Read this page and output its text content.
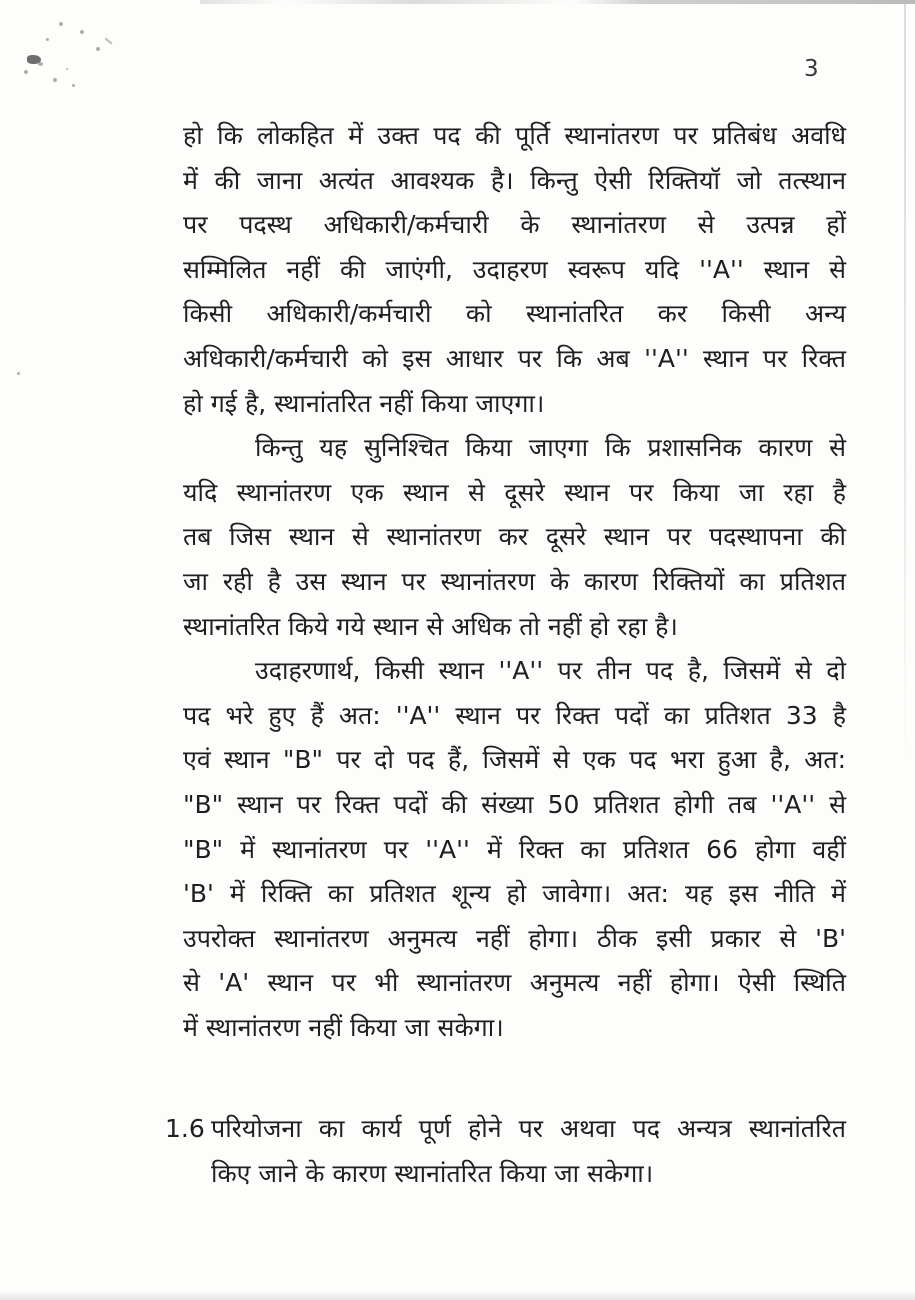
3
हो कि लोकहित में उक्त पद की पूर्ति स्थानांतरण पर प्रतिबंध अवधि
में की जाना अत्यंत आवश्यक है। किन्तु ऐसी रिक्तियॉ जो तत्स्थान
पर पदस्थ अधिकारी/कर्मचारी के स्थानांतरण से उत्पन्न हों
सम्मिलित नहीं की जाएंगी, उदाहरण स्वरूप यदि ''A'' स्थान से
किसी अधिकारी/कर्मचारी को स्थानांतरित कर किसी अन्य
अधिकारी/कर्मचारी को इस आधार पर कि अब ''A'' स्थान पर रिक्त
हो गई है, स्थानांतरित नहीं किया जाएगा।
किन्तु यह सुनिश्चित किया जाएगा कि प्रशासनिक कारण से
यदि स्थानांतरण एक स्थान से दूसरे स्थान पर किया जा रहा है
तब जिस स्थान से स्थानांतरण कर दूसरे स्थान पर पदस्थापना की
जा रही है उस स्थान पर स्थानांतरण के कारण रिक्तियों का प्रतिशत
स्थानांतरित किये गये स्थान से अधिक तो नहीं हो रहा है।
उदाहरणार्थ, किसी स्थान ''A'' पर तीन पद है, जिसमें से दो
पद भरे हुए हैं अत: ''A'' स्थान पर रिक्त पदों का प्रतिशत 33 है
एवं स्थान "B" पर दो पद हैं, जिसमें से एक पद भरा हुआ है, अत:
"B" स्थान पर रिक्त पदों की संख्या 50 प्रतिशत होगी तब ''A'' से
"B" में स्थानांतरण पर ''A'' में रिक्त का प्रतिशत 66 होगा वहीं
'B' में रिक्ति का प्रतिशत शून्य हो जावेगा। अत: यह इस नीति में
उपरोक्त स्थानांतरण अनुमत्य नहीं होगा। ठीक इसी प्रकार से 'B'
से 'A' स्थान पर भी स्थानांतरण अनुमत्य नहीं होगा। ऐसी स्थिति
में स्थानांतरण नहीं किया जा सकेगा।
1.6 परियोजना का कार्य पूर्ण होने पर अथवा पद अन्यत्र स्थानांतरित
किए जाने के कारण स्थानांतरित किया जा सकेगा।
